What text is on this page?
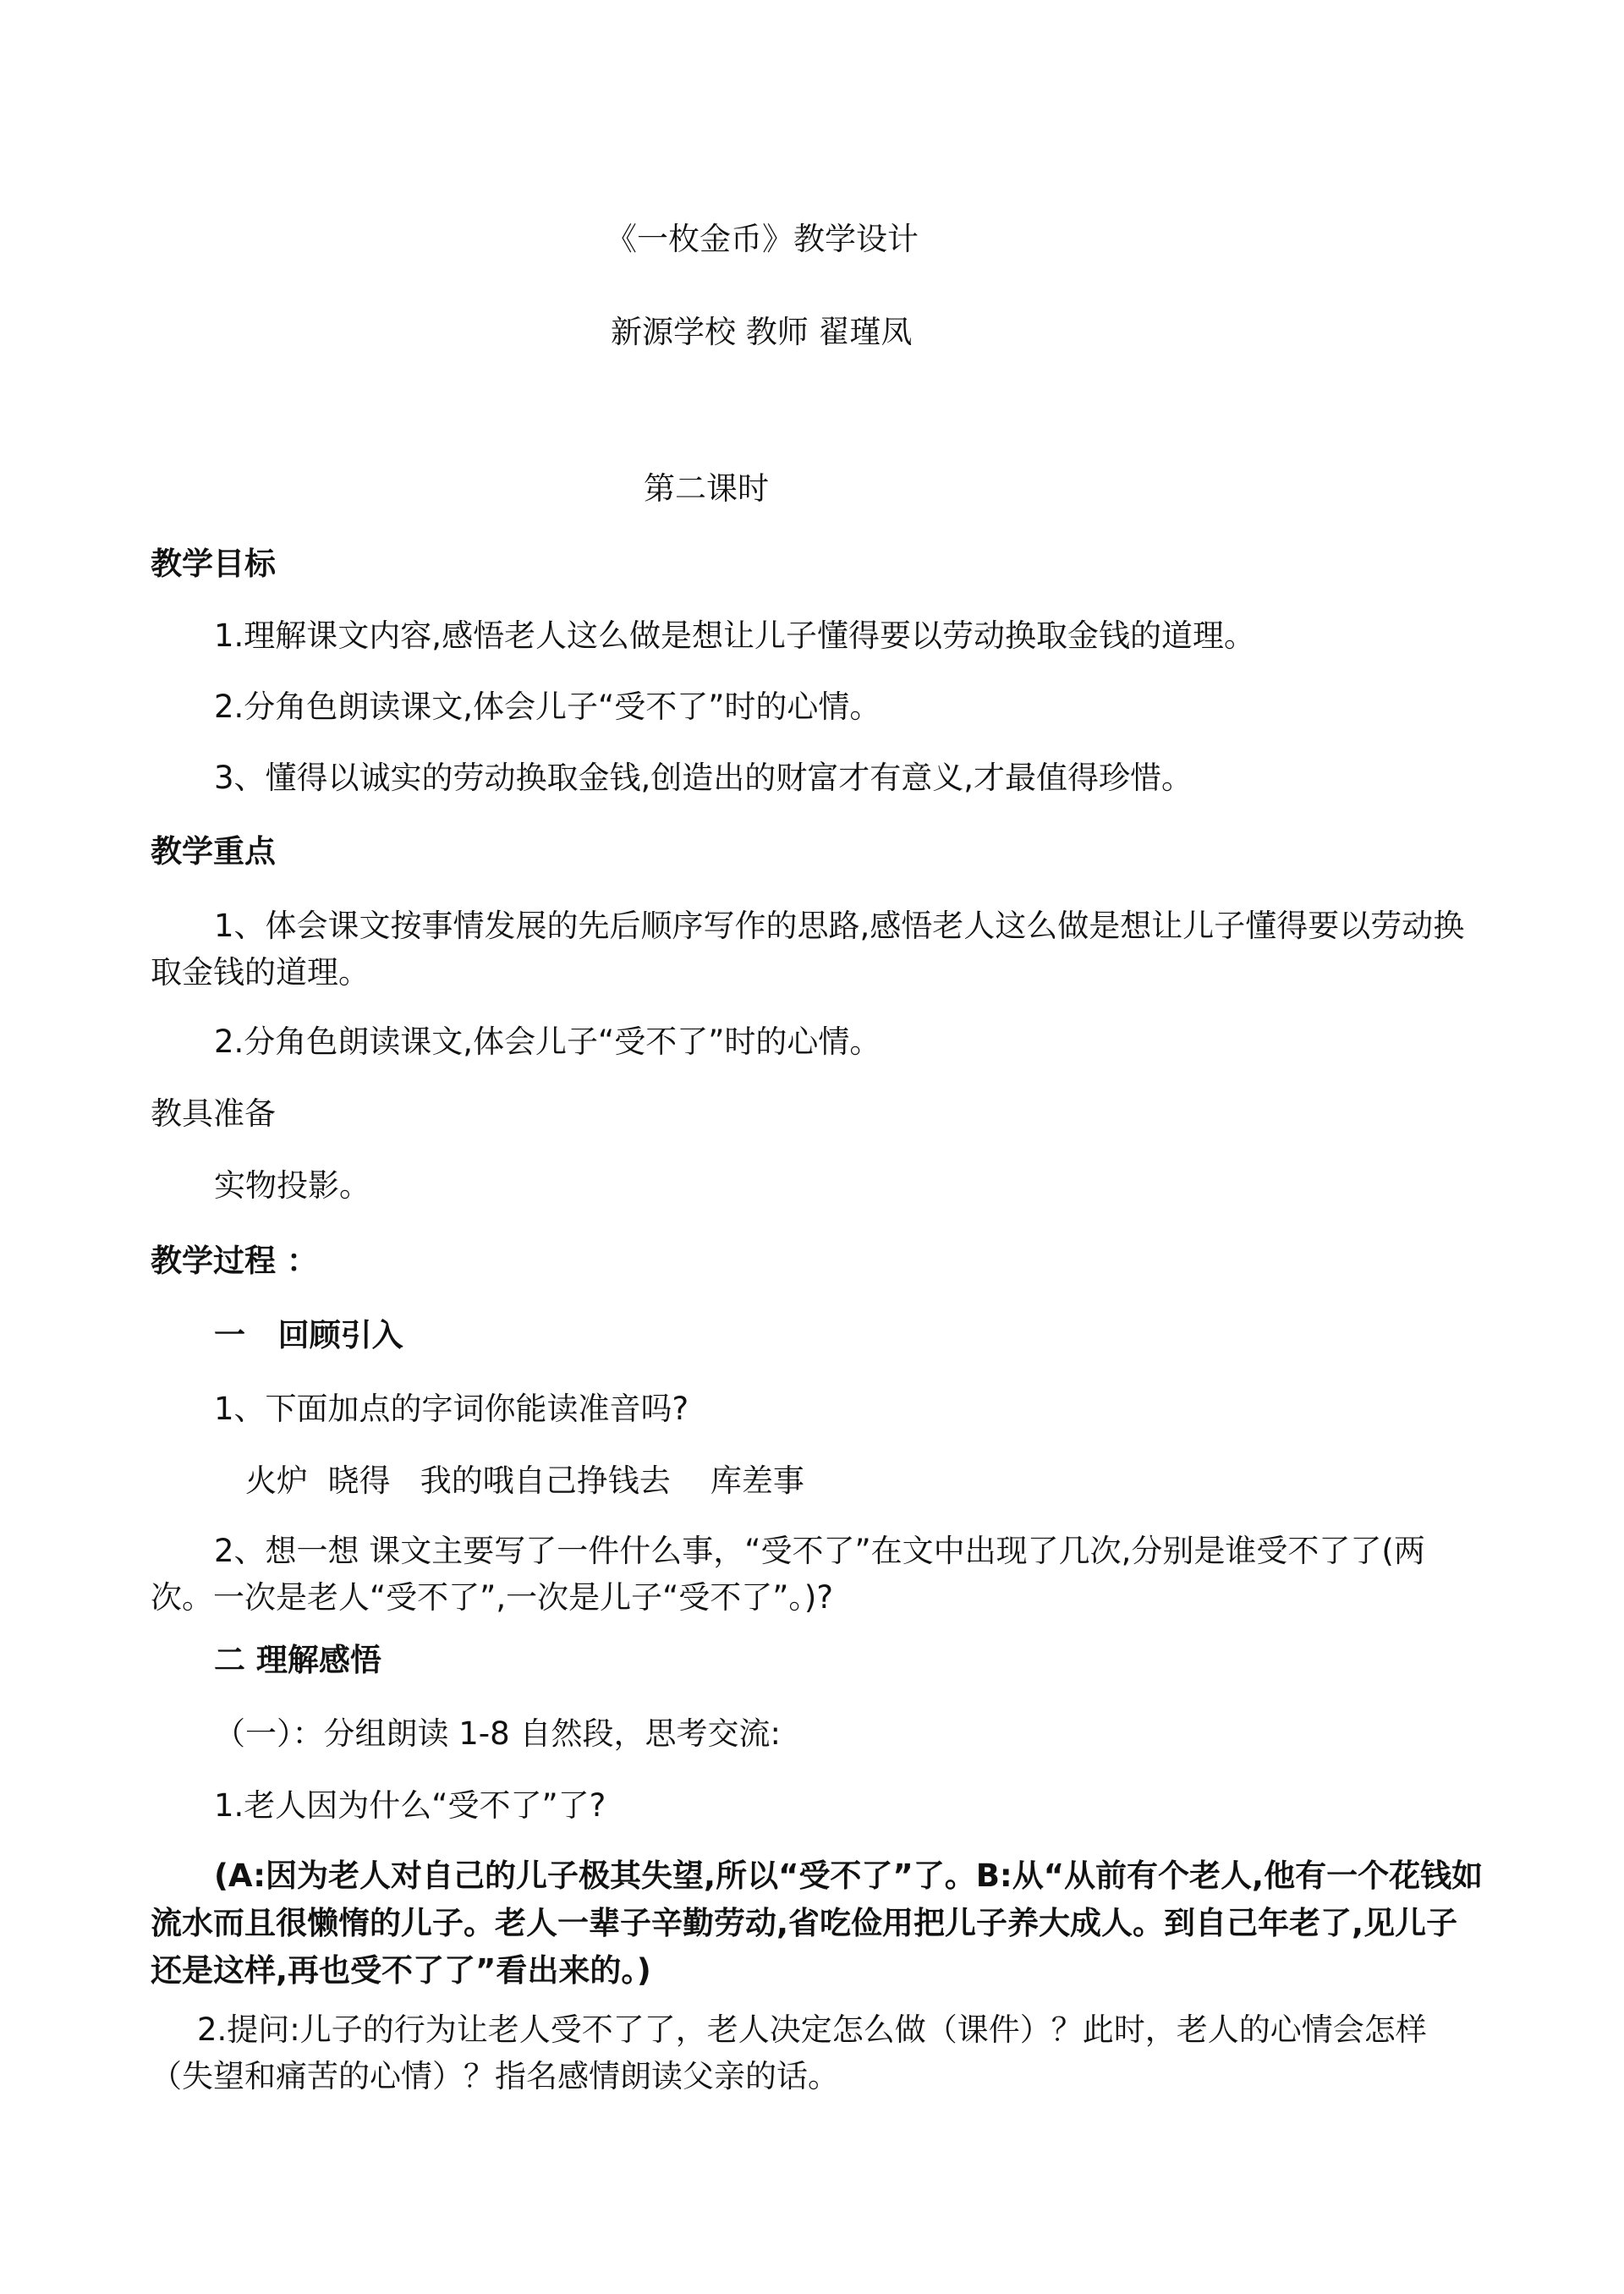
《一枚金币》教学设计
新源学校 教师 翟瑾凤
第二课时
教学目标
1.理解课文内容,感悟老人这么做是想让儿子懂得要以劳动换取金钱的道理。
2.分角色朗读课文,体会儿子“受不了”时的心情。
3、懂得以诚实的劳动换取金钱,创造出的财富才有意义,才最值得珍惜。
教学重点
1、体会课文按事情发展的先后顺序写作的思路,感悟老人这么做是想让儿子懂得要以劳动换取金钱的道理。
2.分角色朗读课文,体会儿子“受不了”时的心情。
教具准备
实物投影。
教学过程 ：
一   回顾引入
1、下面加点的字词你能读准音吗?
火炉  晓得   我的哦自己挣钱去    库差事
2、想一想 课文主要写了一件什么事，“受不了”在文中出现了几次,分别是谁受不了了(两次。一次是老人“受不了”,一次是儿子“受不了”。)?
二 理解感悟
（一）：分组朗读 1-8 自然段，思考交流:
1.老人因为什么“受不了”了?
(A:因为老人对自己的儿子极其失望,所以“受不了”了。B:从“从前有个老人,他有一个花钱如流水而且很懒惰的儿子。老人一辈子辛勤劳动,省吃俭用把儿子养大成人。到自己年老了,见儿子还是这样,再也受不了了”看出来的。)
2.提问:儿子的行为让老人受不了了，老人决定怎么做（课件）？此时，老人的心情会怎样（失望和痛苦的心情）？指名感情朗读父亲的话。
